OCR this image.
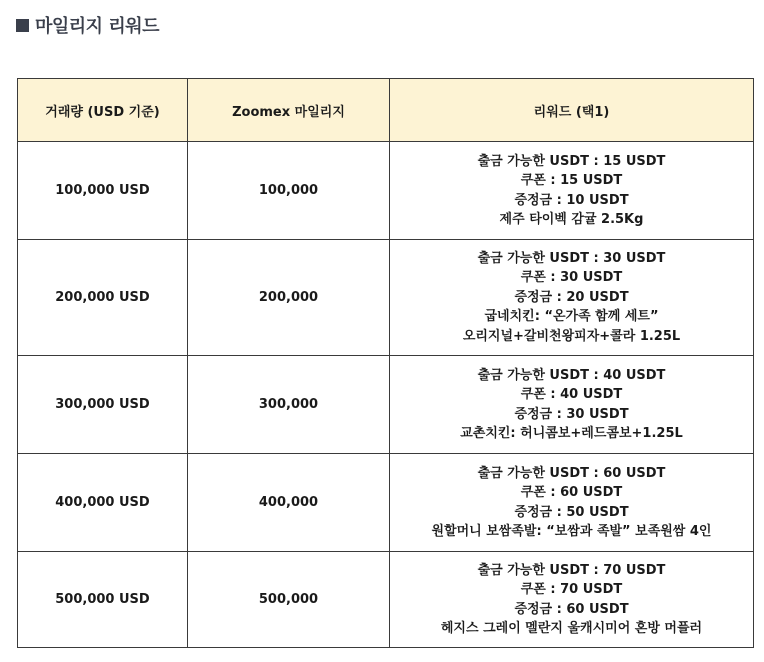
마일리지 리워드
거래량 (USD 기준)	Zoomex 마일리지	리워드 (택1)
100,000 USD	100,000	출금 가능한 USDT : 15 USDT
쿠폰 : 15 USDT
증정금 : 10 USDT
제주 타이벡 감귤 2.5Kg

200,000 USD	200,000	출금 가능한 USDT : 30 USDT
쿠폰 : 30 USDT
증정금 : 20 USDT
굽네치킨: “온가족 함께 세트”
오리지널+갈비천왕피자+콜라 1.25L

300,000 USD	300,000	출금 가능한 USDT : 40 USDT
쿠폰 : 40 USDT
증정금 : 30 USDT
교촌치킨: 허니콤보+레드콤보+1.25L

400,000 USD	400,000	출금 가능한 USDT : 60 USDT
쿠폰 : 60 USDT
증정금 : 50 USDT
원할머니 보쌈족발: “보쌈과 족발” 보족원쌈 4인

500,000 USD	500,000	출금 가능한 USDT : 70 USDT
쿠폰 : 70 USDT
증정금 : 60 USDT
헤지스 그레이 멜란지 울캐시미어 혼방 머플러
